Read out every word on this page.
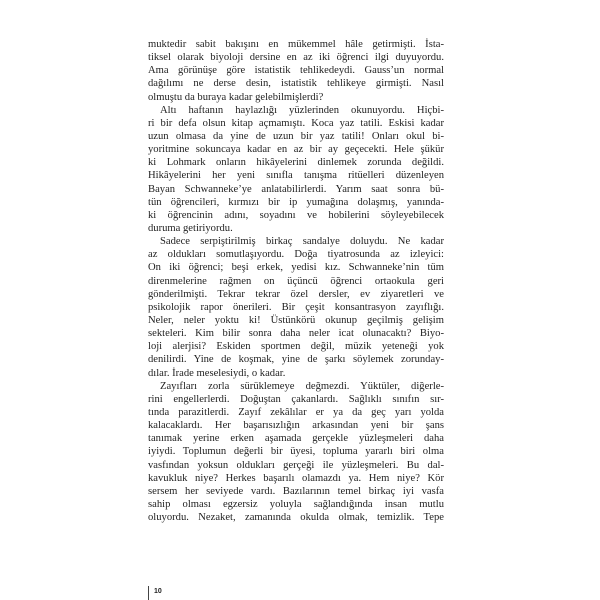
muktedir sabit bakışını en mükemmel hâle getirmişti. İsta-
tiksel olarak biyoloji dersine en az iki öğrenci ilgi duyuyordu.
Ama görünüşe göre istatistik tehlikedeydi. Gauss’un normal
dağılımı ne derse desin, istatistik tehlikeye girmişti. Nasıl
olmuştu da buraya kadar gelebilmişlerdi?
Altı haftanın haylazlığı yüzlerinden okunuyordu. Hiçbi-
ri bir defa olsun kitap açmamıştı. Koca yaz tatili. Eskisi kadar
uzun olmasa da yine de uzun bir yaz tatili! Onları okul bi-
yoritmine sokuncaya kadar en az bir ay geçecekti. Hele şükür
ki Lohmark onların hikâyelerini dinlemek zorunda değildi.
Hikâyelerini her yeni sınıfla tanışma ritüelleri düzenleyen
Bayan Schwanneke’ye anlatabilirlerdi. Yarım saat sonra bü-
tün öğrencileri, kırmızı bir ip yumağına dolaşmış, yanında-
ki öğrencinin adını, soyadını ve hobilerini söyleyebilecek
duruma getiriyordu.
Sadece serpiştirilmiş birkaç sandalye doluydu. Ne kadar
az oldukları somutlaşıyordu. Doğa tiyatrosunda az izleyici:
On iki öğrenci; beşi erkek, yedisi kız. Schwanneke’nin tüm
direnmelerine rağmen on üçüncü öğrenci ortaokula geri
gönderilmişti. Tekrar tekrar özel dersler, ev ziyaretleri ve
psikolojik rapor önerileri. Bir çeşit konsantrasyon zayıflığı.
Neler, neler yoktu ki! Üstünkörü okunup geçilmiş gelişim
sekteleri. Kim bilir sonra daha neler icat olunacaktı? Biyo-
loji alerjisi? Eskiden sportmen değil, müzik yeteneği yok
denilirdi. Yine de koşmak, yine de şarkı söylemek zorunday-
dılar. İrade meselesiydi, o kadar.
Zayıfları zorla sürüklemeye değmezdi. Yüktüler, diğerle-
rini engellerlerdi. Doğuştan çakanlardı. Sağlıklı sınıfın sır-
tında parazitlerdi. Zayıf zekâlılar er ya da geç yarı yolda
kalacaklardı. Her başarısızlığın arkasından yeni bir şans
tanımak yerine erken aşamada gerçekle yüzleşmeleri daha
iyiydi. Toplumun değerli bir üyesi, topluma yararlı biri olma
vasfından yoksun oldukları gerçeği ile yüzleşmeleri. Bu dal-
kavukluk niye? Herkes başarılı olamazdı ya. Hem niye? Kör
sersem her seviyede vardı. Bazılarının temel birkaç iyi vasfa
sahip olması egzersiz yoluyla sağlandığında insan mutlu
oluyordu. Nezaket, zamanında okulda olmak, temizlik. Tepe
10
